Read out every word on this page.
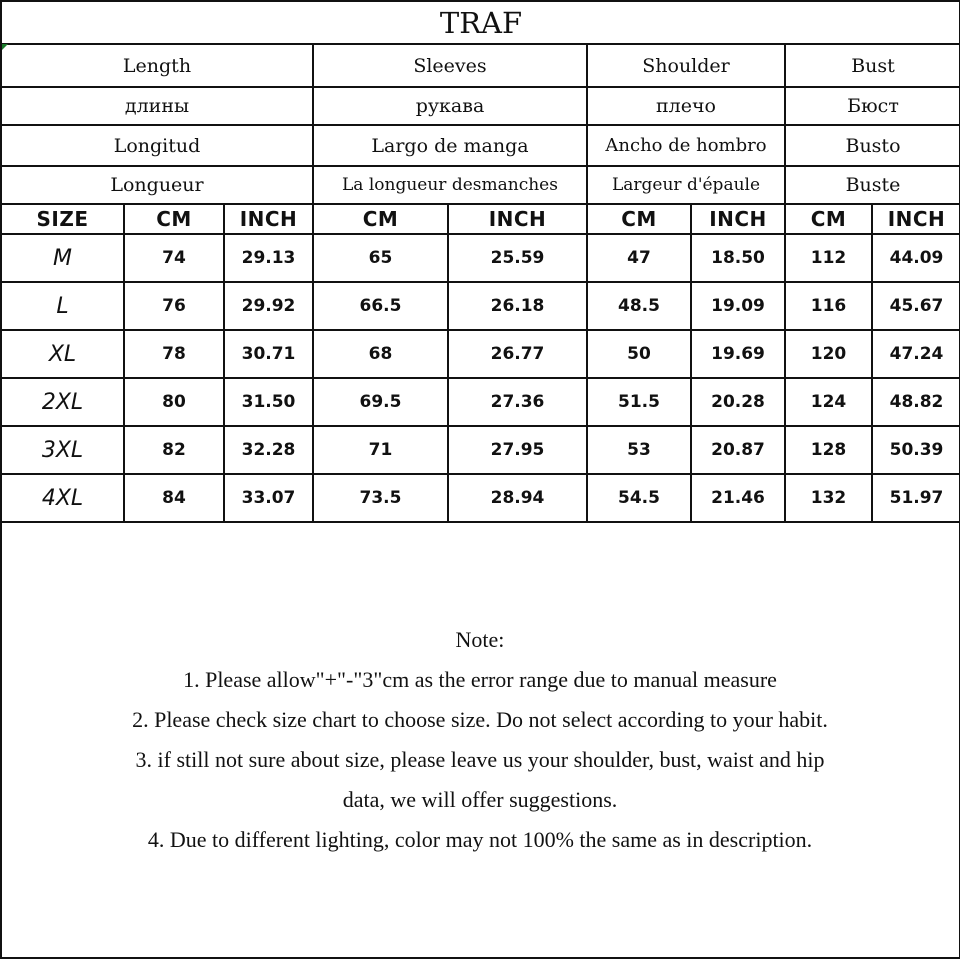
TRAF								
Length			Sleeves		Shoulder		Bust	
длины			рукава		плечо		Бюст	
Longitud			Largo de manga		Ancho de hombro		Busto	
Longueur			La longueur desmanches		Largeur d'épaule		Buste	
SIZE	CM	INCH	CM	INCH	CM	INCH	CM	INCH
M	74	29.13	65	25.59	47	18.50	112	44.09
L	76	29.92	66.5	26.18	48.5	19.09	116	45.67
XL	78	30.71	68	26.77	50	19.69	120	47.24
2XL	80	31.50	69.5	27.36	51.5	20.28	124	48.82
3XL	82	32.28	71	27.95	53	20.87	128	50.39
4XL	84	33.07	73.5	28.94	54.5	21.46	132	51.97
Note:
1. Please allow"+"-"3"cm as the error range due to manual measure
2. Please check size chart to choose size. Do not select according to your habit.
3. if still not sure about size, please leave us your shoulder, bust, waist and hip
data, we will offer suggestions.
4. Due to different lighting, color may not 100% the same as in description.
